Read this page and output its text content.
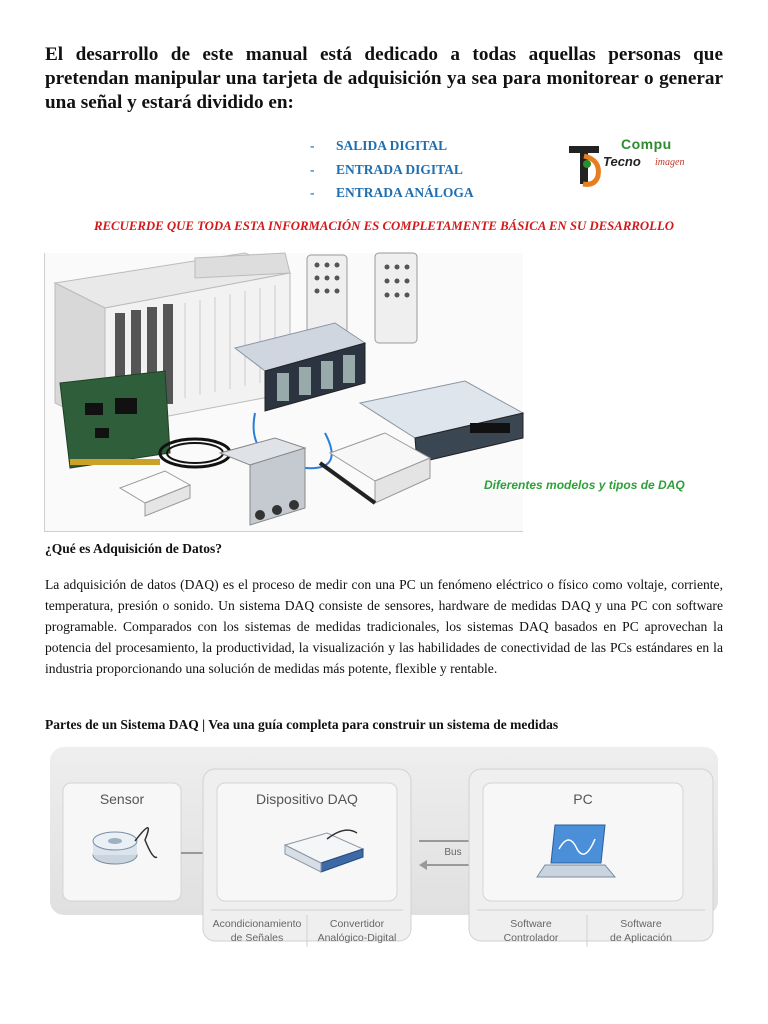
El desarrollo de este manual está dedicado a todas aquellas personas que pretendan manipular una tarjeta de adquisición ya sea para monitorear o generar una señal y estará dividido en:

- SALIDA DIGITAL
- ENTRADA DIGITAL
- ENTRADA ANÁLOGA
Compu
Tecno imagen
RECUERDE QUE TODA ESTA INFORMACIÓN ES COMPLETAMENTE BÁSICA EN SU DESARROLLO
Diferentes modelos y tipos de DAQ

¿Qué es Adquisición de Datos?

La adquisición de datos (DAQ) es el proceso de medir con una PC un fenómeno eléctrico o físico como voltaje, corriente, temperatura, presión o sonido. Un sistema DAQ consiste de sensores, hardware de medidas DAQ y una PC con software programable. Comparados con los sistemas de medidas tradicionales, los sistemas DAQ basados en PC aprovechan la potencia del procesamiento, la productividad, la visualización y las habilidades de conectividad de las PCs estándares en la industria proporcionando una solución de medidas más potente, flexible y rentable.

Partes de un Sistema DAQ | Vea una guía completa para construir un sistema de medidas

Sensor	Dispositivo DAQ
Acondicionamiento
de Señales
Convertidor
Analógico-Digital
Bus
PC
Software
Controlador
Software
de Aplicación
